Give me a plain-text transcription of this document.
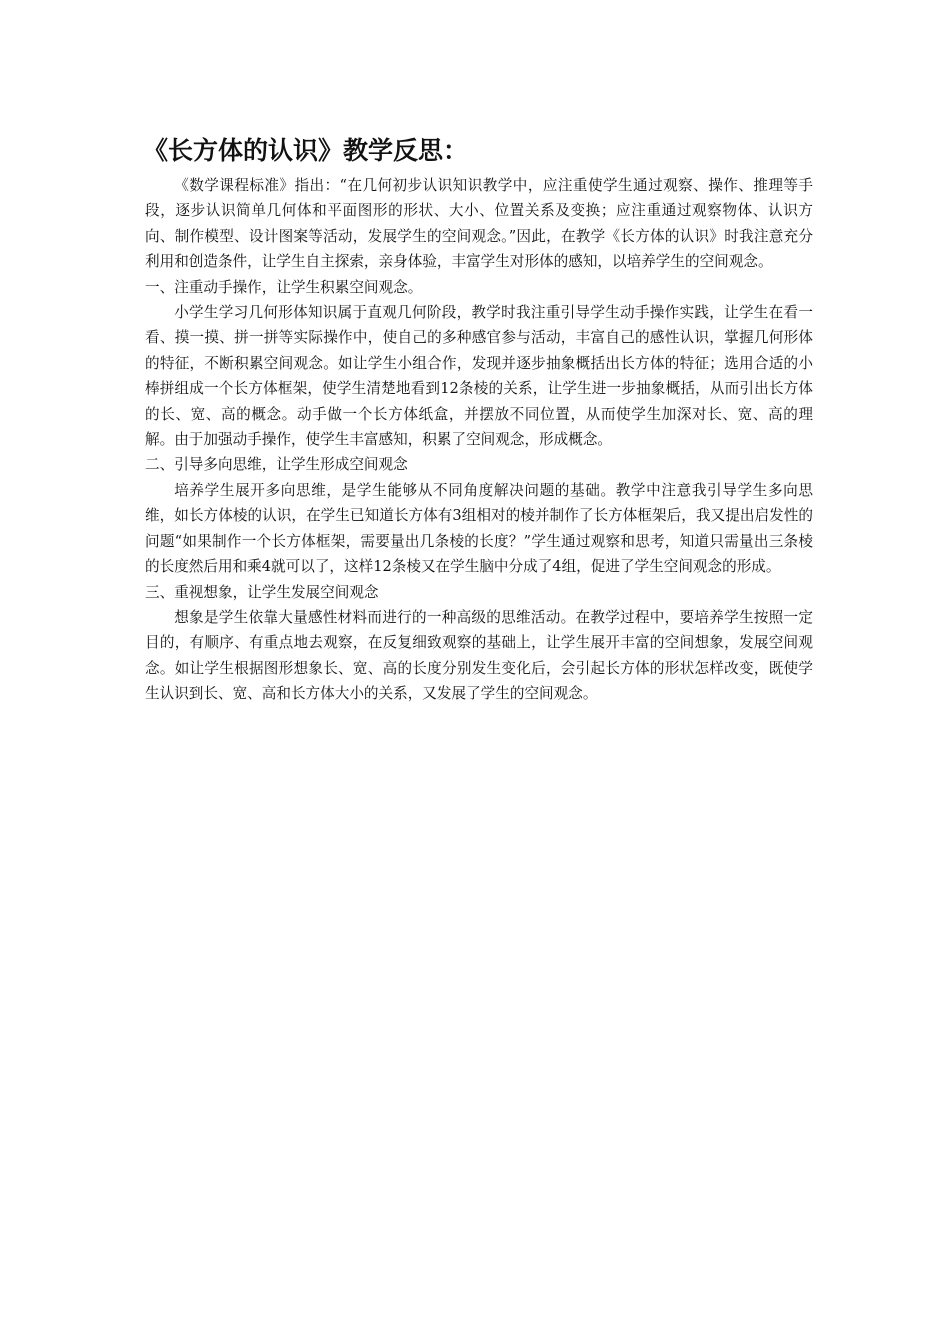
《长方体的认识》教学反思：

《数学课程标准》指出：“在几何初步认识知识教学中，应注重使学生通过观察、操作、推理等手段，逐步认识简单几何体和平面图形的形状、大小、位置关系及变换；应注重通过观察物体、认识方向、制作模型、设计图案等活动，发展学生的空间观念。”因此，在教学《长方体的认识》时我注意充分利用和创造条件，让学生自主探索，亲身体验，丰富学生对形体的感知，以培养学生的空间观念。

一、注重动手操作，让学生积累空间观念。

小学生学习几何形体知识属于直观几何阶段，教学时我注重引导学生动手操作实践，让学生在看一看、摸一摸、拼一拼等实际操作中，使自己的多种感官参与活动，丰富自己的感性认识，掌握几何形体的特征，不断积累空间观念。如让学生小组合作，发现并逐步抽象概括出长方体的特征；选用合适的小棒拼组成一个长方体框架，使学生清楚地看到12条棱的关系，让学生进一步抽象概括，从而引出长方体的长、宽、高的概念。动手做一个长方体纸盒，并摆放不同位置，从而使学生加深对长、宽、高的理解。由于加强动手操作，使学生丰富感知，积累了空间观念，形成概念。

二、引导多向思维，让学生形成空间观念

培养学生展开多向思维，是学生能够从不同角度解决问题的基础。教学中注意我引导学生多向思维，如长方体棱的认识，在学生已知道长方体有3组相对的棱并制作了长方体框架后，我又提出启发性的问题“如果制作一个长方体框架，需要量出几条棱的长度？”学生通过观察和思考，知道只需量出三条棱的长度然后用和乘4就可以了，这样12条棱又在学生脑中分成了4组，促进了学生空间观念的形成。

三、重视想象，让学生发展空间观念

想象是学生依靠大量感性材料而进行的一种高级的思维活动。在教学过程中，要培养学生按照一定目的，有顺序、有重点地去观察，在反复细致观察的基础上，让学生展开丰富的空间想象，发展空间观念。如让学生根据图形想象长、宽、高的长度分别发生变化后，会引起长方体的形状怎样改变，既使学生认识到长、宽、高和长方体大小的关系，又发展了学生的空间观念。
